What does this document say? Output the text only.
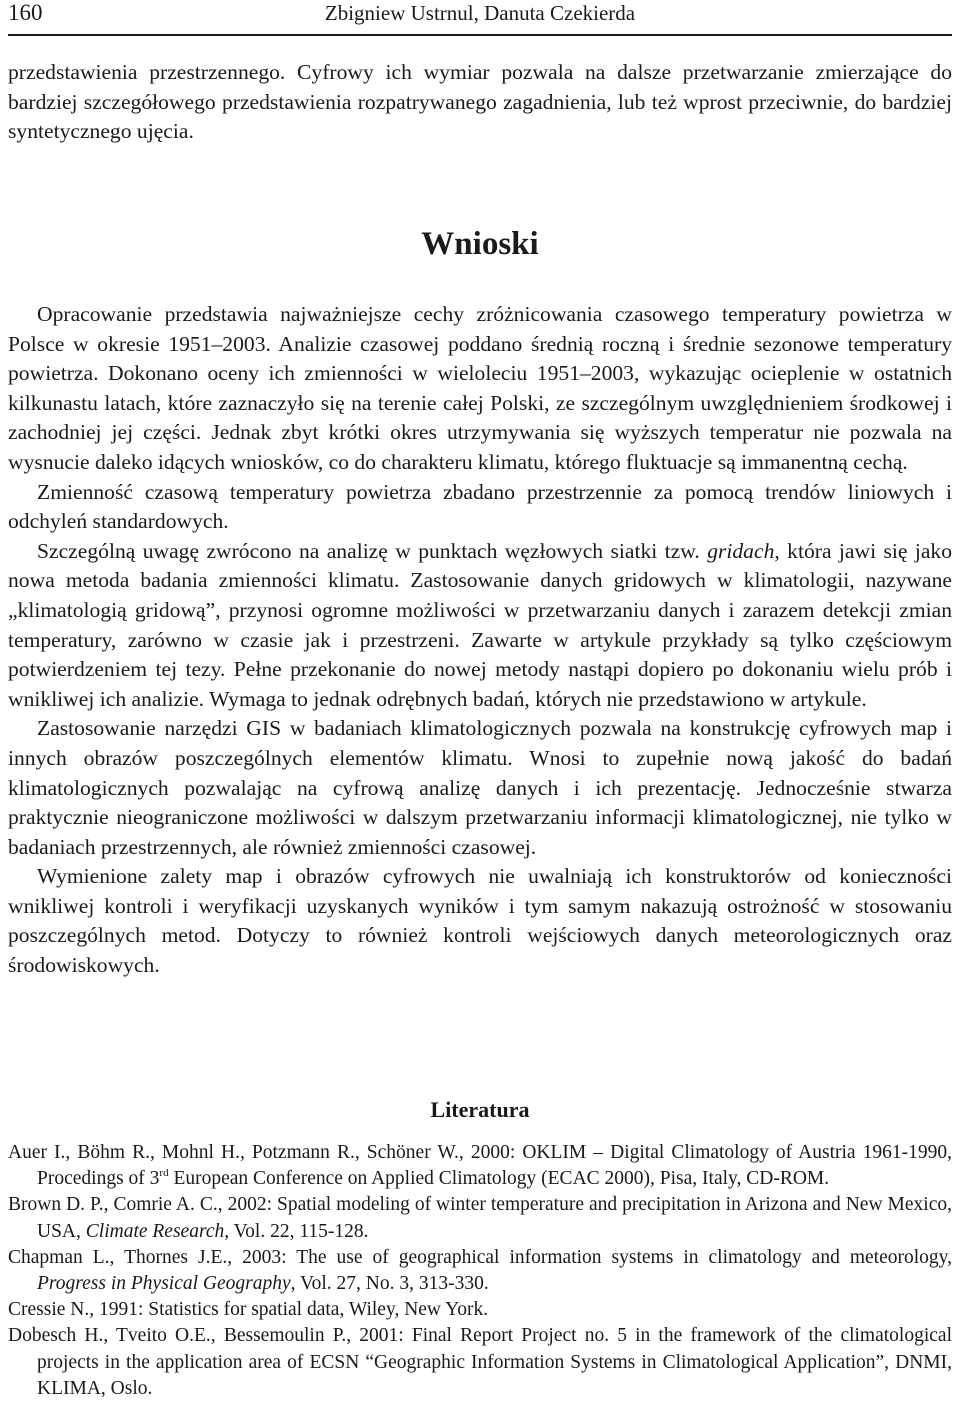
160	Zbigniew Ustrnul, Danuta Czekierda

przedstawienia przestrzennego. Cyfrowy ich wymiar pozwala na dalsze przetwarzanie zmierzające do bardziej szczegółowego przedstawienia rozpatrywanego zagadnienia, lub też wprost przeciwnie, do bardziej syntetycznego ujęcia.

Wnioski

Opracowanie przedstawia najważniejsze cechy zróżnicowania czasowego temperatury powietrza w Polsce w okresie 1951–2003. Analizie czasowej poddano średnią roczną i średnie sezonowe temperatury powietrza. Dokonano oceny ich zmienności w wieloleciu 1951–2003, wykazując ocieplenie w ostatnich kilkunastu latach, które zaznaczyło się na terenie całej Polski, ze szczególnym uwzględnieniem środkowej i zachodniej jej części. Jednak zbyt krótki okres utrzymywania się wyższych temperatur nie pozwala na wysnucie daleko idących wniosków, co do charakteru klimatu, którego fluktuacje są immanentną cechą.

Zmienność czasową temperatury powietrza zbadano przestrzennie za pomocą trendów liniowych i odchyleń standardowych.

Szczególną uwagę zwrócono na analizę w punktach węzłowych siatki tzw. gridach, która jawi się jako nowa metoda badania zmienności klimatu. Zastosowanie danych gridowych w klimatologii, nazywane „klimatologią gridową”, przynosi ogromne możliwości w przetwarzaniu danych i zarazem detekcji zmian temperatury, zarówno w czasie jak i przestrzeni. Zawarte w artykule przykłady są tylko częściowym potwierdzeniem tej tezy. Pełne przekonanie do nowej metody nastąpi dopiero po dokonaniu wielu prób i wnikliwej ich analizie. Wymaga to jednak odrębnych badań, których nie przedstawiono w artykule.

Zastosowanie narzędzi GIS w badaniach klimatologicznych pozwala na konstrukcję cyfrowych map i innych obrazów poszczególnych elementów klimatu. Wnosi to zupełnie nową jakość do badań klimatologicznych pozwalając na cyfrową analizę danych i ich prezentację. Jednocześnie stwarza praktycznie nieograniczone możliwości w dalszym przetwarzaniu informacji klimatologicznej, nie tylko w badaniach przestrzennych, ale również zmienności czasowej.

Wymienione zalety map i obrazów cyfrowych nie uwalniają ich konstruktorów od konieczności wnikliwej kontroli i weryfikacji uzyskanych wyników i tym samym nakazują ostrożność w stosowaniu poszczególnych metod. Dotyczy to również kontroli wejściowych danych meteorologicznych oraz środowiskowych.

Literatura

Auer I., Böhm R., Mohnl H., Potzmann R., Schöner W., 2000: OKLIM – Digital Climatology of Austria 1961-1990, Procedings of 3rd European Conference on Applied Climatology (ECAC 2000), Pisa, Italy, CD-ROM.

Brown D. P., Comrie A. C., 2002: Spatial modeling of winter temperature and precipitation in Arizona and New Mexico, USA, Climate Research, Vol. 22, 115-128.

Chapman L., Thornes J.E., 2003: The use of geographical information systems in climatology and meteorology, Progress in Physical Geography, Vol. 27, No. 3, 313-330.

Cressie N., 1991: Statistics for spatial data, Wiley, New York.

Dobesch H., Tveito O.E., Bessemoulin P., 2001: Final Report Project no. 5 in the framework of the climatological projects in the application area of ECSN “Geographic Information Systems in Climatological Application”, DNMI, KLIMA, Oslo.
